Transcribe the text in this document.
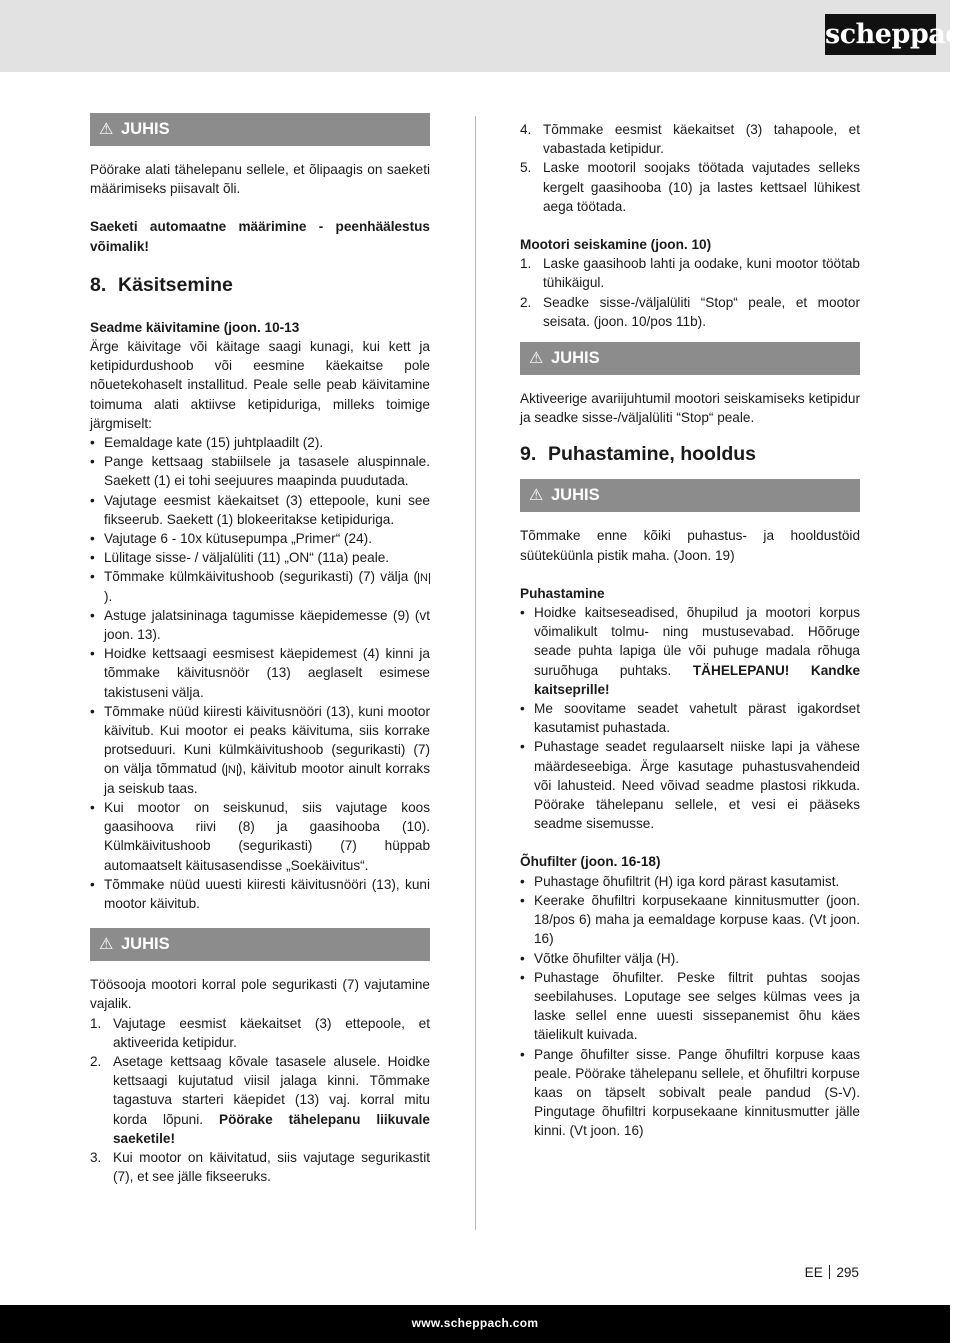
scheppach
⚠ JUHIS

Pöörake alati tähelepanu sellele, et õlipaagis on saeketi määrimiseks piisavalt õli.

Saeketi automaatne määrimine - peenhäälestus võimalik!

8. Käsitsemine

Seadme käivitamine (joon. 10-13

Ärge käivitage või käitage saagi kunagi, kui kett ja ketipidurdushoob või eesmine käekaitse pole nõuetekohaselt installitud. Peale selle peab käivitamine toimuma alati aktiivse ketipiduriga, milleks toimige järgmiselt:

• Eemaldage kate (15) juhtplaadilt (2).
• Pange kettsaag stabiilsele ja tasasele aluspinnale. Saekett (1) ei tohi seejuures maapinda puudutada.
• Vajutage eesmist käekaitset (3) ettepoole, kuni see fikseerub. Saekett (1) blokeeritakse ketipiduriga.
• Vajutage 6 - 10x kütusepumpa „Primer“ (24).
• Lülitage sisse- / väljalüliti (11) „ON“ (11a) peale.
• Tõmmake külmkäivitushoob (segurikasti) (7) välja ( N).
• Astuge jalatsininaga tagumisse käepidemesse (9) (vt joon. 13).
• Hoidke kettsaagi eesmisest käepidemest (4) kinni ja tõmmake käivitusnöör (13) aeglaselt esimese takistuseni välja.
• Tõmmake nüüd kiiresti käivitusnööri (13), kuni mootor käivitub. Kui mootor ei peaks käivituma, siis korrake protseduuri. Kuni külmkäivitushoob (segurikasti) (7) on välja tõmmatud ( N ), käivitub mootor ainult korraks ja seiskub taas.
• Kui mootor on seiskunud, siis vajutage koos gaasihoova riivi (8) ja gaasihooba (10). Külmkäivitushoob (segurikasti) (7) hüppab automaatselt käitusasendisse „Soekäivitus“.
• Tõmmake nüüd uuesti kiiresti käivitusnööri (13), kuni mootor käivitub.
⚠ JUHIS

Töösooja mootori korral pole segurikasti (7) vajutamine vajalik.

1. Vajutage eesmist käekaitset (3) ettepoole, et aktiveerida ketipidur.
2. Asetage kettsaag kõvale tasasele alusele. Hoidke kettsaagi kujutatud viisil jalaga kinni. Tõmmake tagastuva starteri käepidet (13) vaj. korral mitu korda lõpuni. Pöörake tähelepanu liikuvale saeketile!
3. Kui mootor on käivitatud, siis vajutage segurikastit (7), et see jälle fikseeruks.
4. Tõmmake eesmist käekaitset (3) tahapoole, et vabastada ketipidur.
5. Laske mootoril soojaks töötada vajutades selleks kergelt gaasihooba (10) ja lastes kettsael lühikest aega töötada.

Mootori seiskamine (joon. 10)

1. Laske gaasihoob lahti ja oodake, kuni mootor töötab tühikäigul.
2. Seadke sisse-/väljalüliti “Stop“ peale, et mootor seisata. (joon. 10/pos 11b).
⚠ JUHIS

Aktiveerige avariijuhtumil mootori seiskamiseks ketipidur ja seadke sisse-/väljalüliti “Stop“ peale.

9. Puhastamine, hooldus
⚠ JUHIS

Tõmmake enne kõiki puhastus- ja hooldustöid süüteküünla pistik maha. (Joon. 19)

Puhastamine

• Hoidke kaitseseadised, õhupilud ja mootori korpus võimalikult tolmu- ning mustusevabad. Hõõruge seade puhta lapiga üle või puhuge madala rõhuga suruõhuga puhtaks. TÄHELEPANU! Kandke kaitseprille!
• Me soovitame seadet vahetult pärast igakordset kasutamist puhastada.
• Puhastage seadet regulaarselt niiske lapi ja vähese määrdeseebiga. Ärge kasutage puhastusvahendeid või lahusteid. Need võivad seadme plastosi rikkuda. Pöörake tähelepanu sellele, et vesi ei pääseks seadme sisemusse.

Õhufilter (joon. 16-18)

• Puhastage õhufiltrit (H) iga kord pärast kasutamist.
• Keerake õhufiltri korpusekaane kinnitusmutter (joon. 18/pos 6) maha ja eemaldage korpuse kaas. (Vt joon. 16)
• Võtke õhufilter välja (H).
• Puhastage õhufilter. Peske filtrit puhtas soojas seebilahuses. Loputage see selges külmas vees ja laske sellel enne uuesti sissepanemist õhu käes täielikult kuivada.
• Pange õhufilter sisse. Pange õhufiltri korpuse kaas peale. Pöörake tähelepanu sellele, et õhufiltri korpuse kaas on täpselt sobivalt peale pandud (S-V). Pingutage õhufiltri korpusekaane kinnitusmutter jälle kinni. (Vt joon. 16)
EE 295
www.scheppach.com
